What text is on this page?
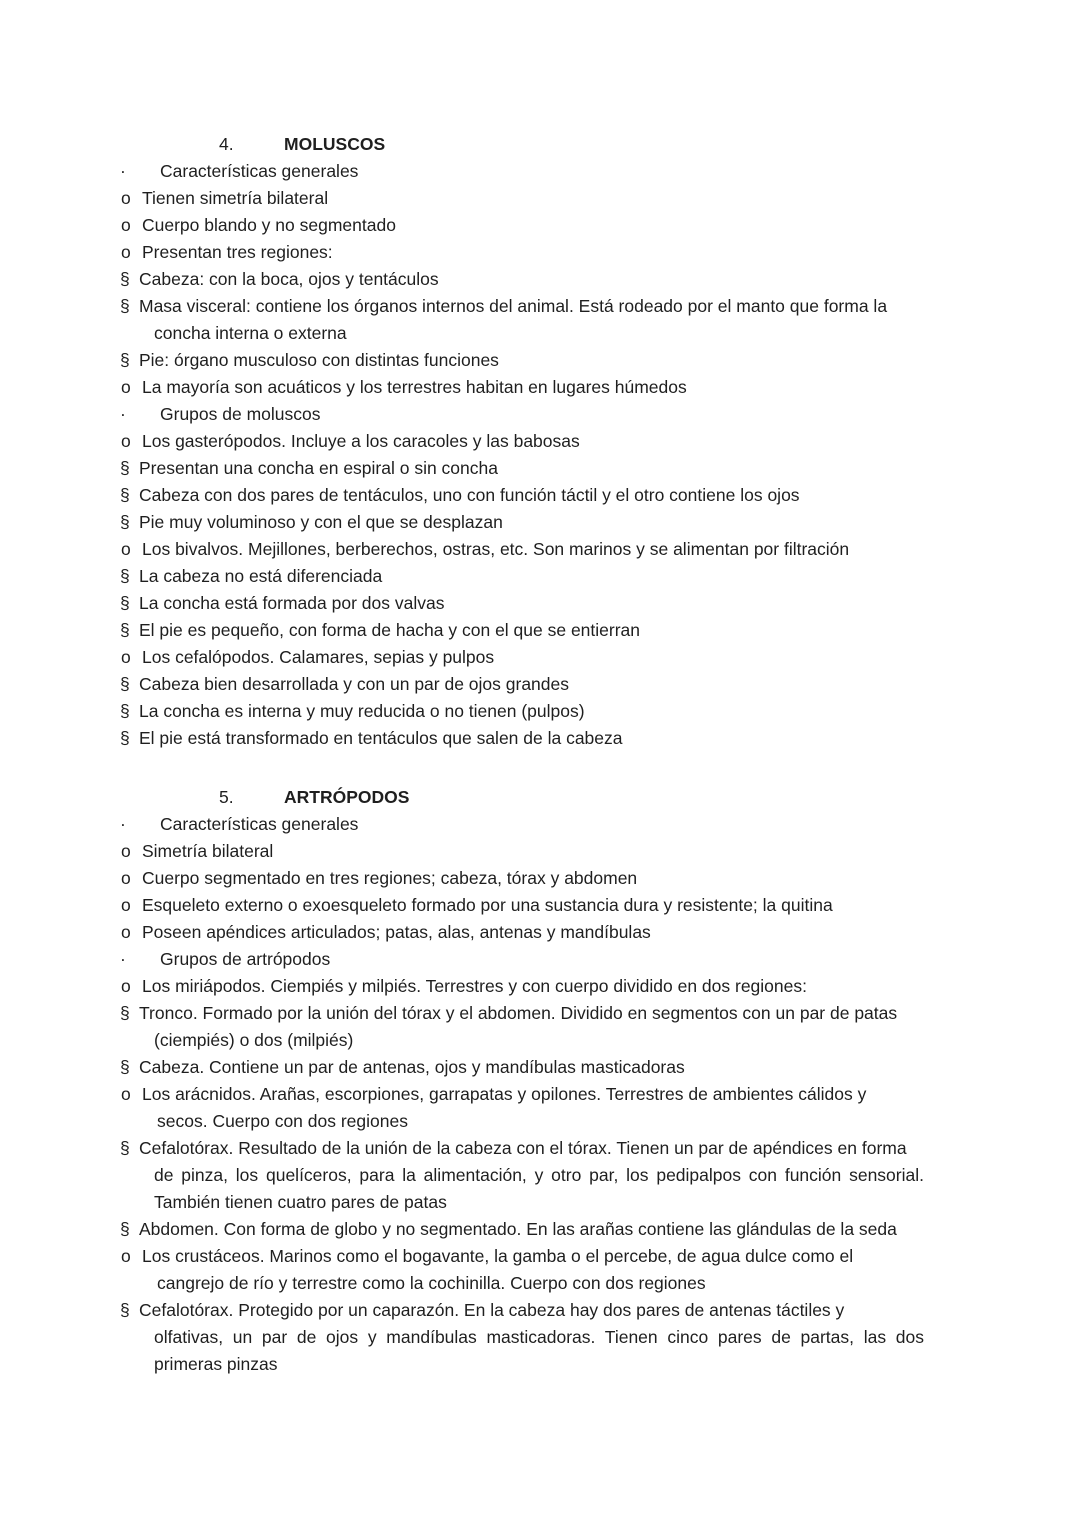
4.	MOLUSCOS
· Características generales
o Tienen simetría bilateral
o Cuerpo blando y no segmentado
o Presentan tres regiones:
§ Cabeza: con la boca, ojos y tentáculos
§ Masa visceral: contiene los órganos internos del animal. Está rodeado por el manto que forma la
concha interna o externa
§ Pie: órgano musculoso con distintas funciones
o La mayoría son acuáticos y los terrestres habitan en lugares húmedos
· Grupos de moluscos
o Los gasterópodos. Incluye a los caracoles y las babosas
§ Presentan una concha en espiral o sin concha
§ Cabeza con dos pares de tentáculos, uno con función táctil y el otro contiene los ojos
§ Pie muy voluminoso y con el que se desplazan
o Los bivalvos. Mejillones, berberechos, ostras, etc. Son marinos y se alimentan por filtración
§ La cabeza no está diferenciada
§ La concha está formada por dos valvas
§ El pie es pequeño, con forma de hacha y con el que se entierran
o Los cefalópodos. Calamares, sepias y pulpos
§ Cabeza bien desarrollada y con un par de ojos grandes
§ La concha es interna y muy reducida o no tienen (pulpos)
§ El pie está transformado en tentáculos que salen de la cabeza
5.	ARTRÓPODOS
· Características generales
o Simetría bilateral
o Cuerpo segmentado en tres regiones; cabeza, tórax y abdomen
o Esqueleto externo o exoesqueleto formado por una sustancia dura y resistente; la quitina
o Poseen apéndices articulados; patas, alas, antenas y mandíbulas
· Grupos de artrópodos
o Los miriápodos. Ciempiés y milpiés. Terrestres y con cuerpo dividido en dos regiones:
§ Tronco. Formado por la unión del tórax y el abdomen. Dividido en segmentos con un par de patas
(ciempiés) o dos (milpiés)
§ Cabeza. Contiene un par de antenas, ojos y mandíbulas masticadoras
o Los arácnidos. Arañas, escorpiones, garrapatas y opilones. Terrestres de ambientes cálidos y
secos. Cuerpo con dos regiones
§ Cefalotórax. Resultado de la unión de la cabeza con el tórax. Tienen un par de apéndices en forma
de pinza, los quelíceros, para la alimentación, y otro par, los pedipalpos con función sensorial. También tienen cuatro pares de patas
§ Abdomen. Con forma de globo y no segmentado. En las arañas contiene las glándulas de la seda
o Los crustáceos. Marinos como el bogavante, la gamba o el percebe, de agua dulce como el
cangrejo de río y terrestre como la cochinilla. Cuerpo con dos regiones
§ Cefalotórax. Protegido por un caparazón. En la cabeza hay dos pares de antenas táctiles y
olfativas, un par de ojos y mandíbulas masticadoras. Tienen cinco pares de partas, las dos primeras pinzas
